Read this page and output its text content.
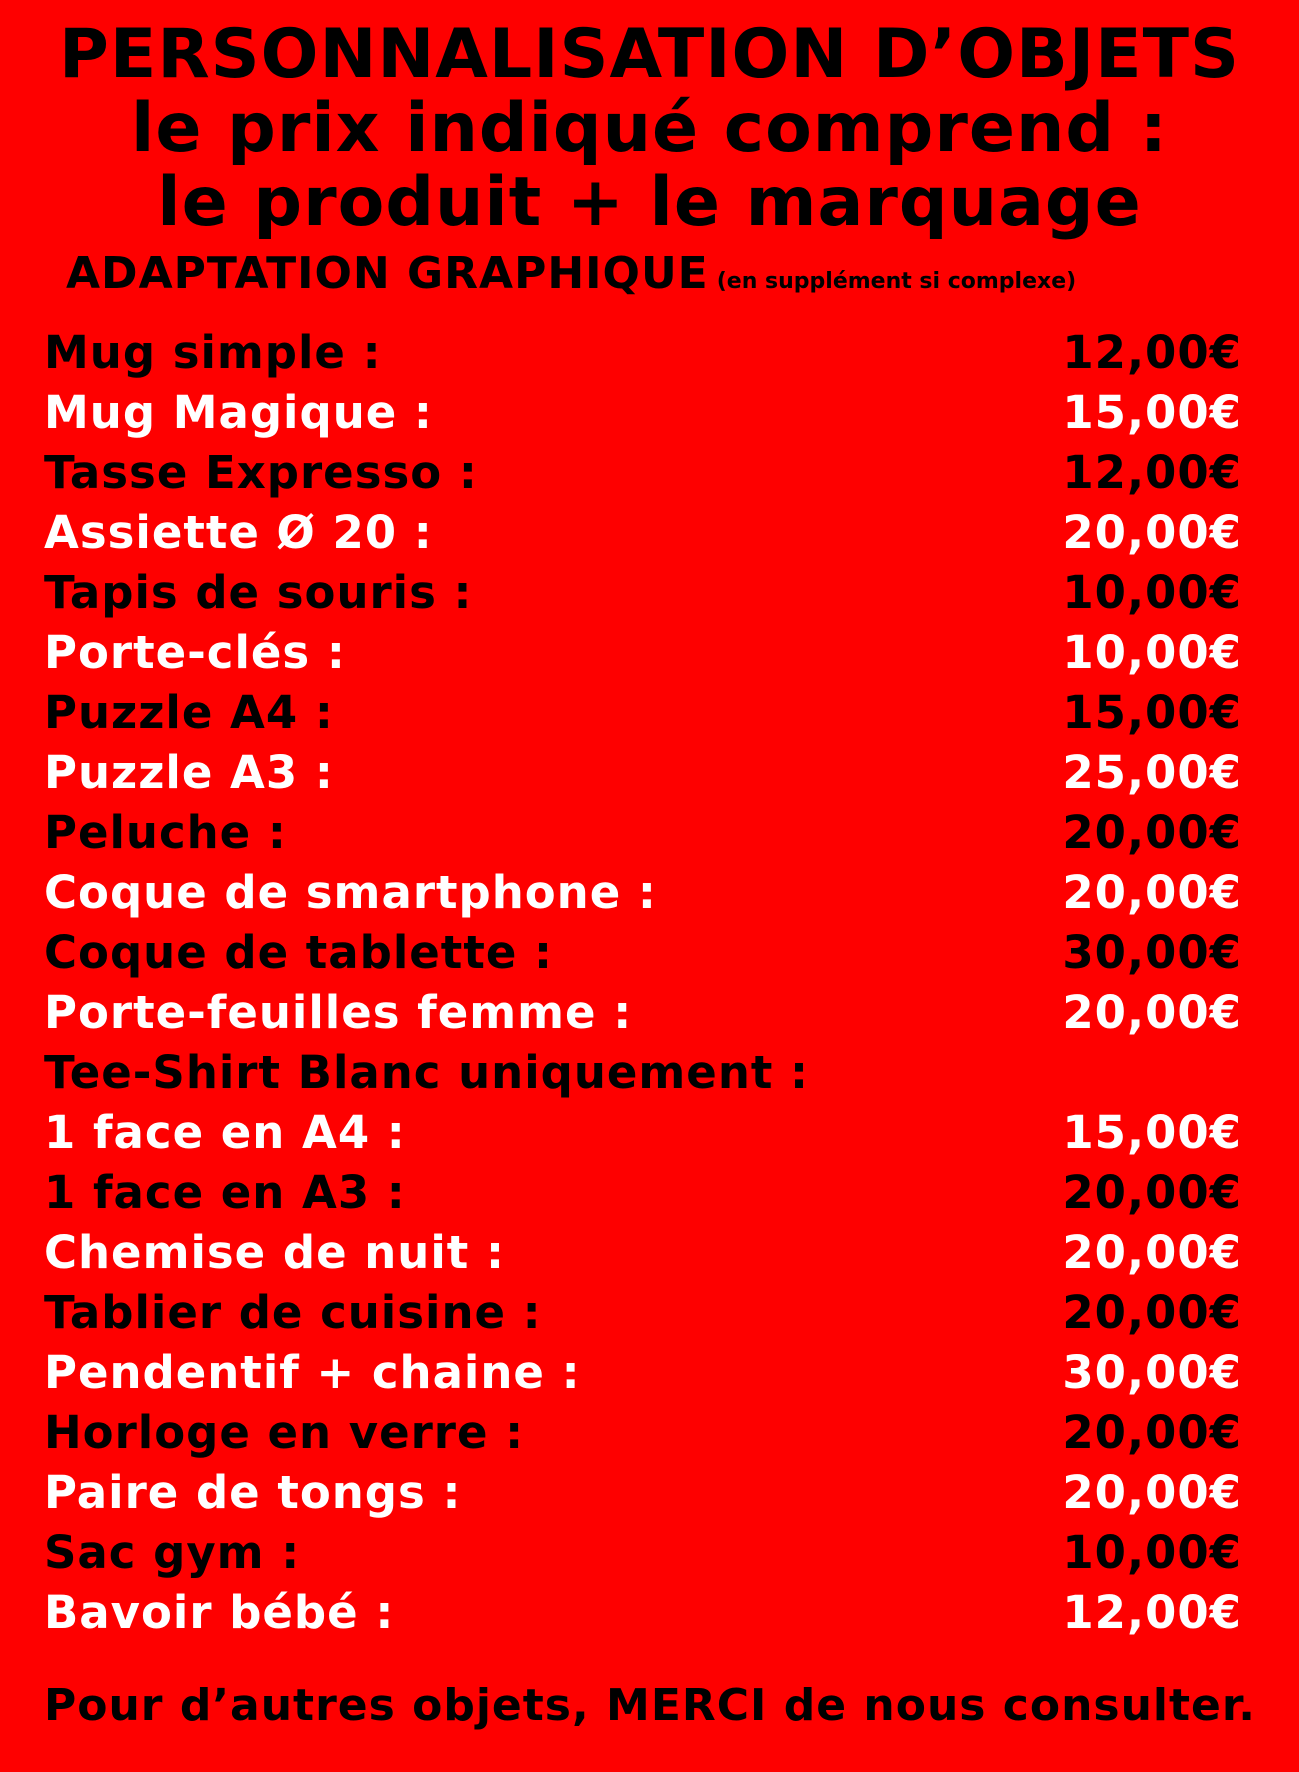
PERSONNALISATION D’OBJETS
le prix indiqué comprend :
le produit + le marquage
ADAPTATION GRAPHIQUE (en supplément si complexe)
Mug simple :	12,00€
Mug Magique :	15,00€
Tasse Expresso :	12,00€
Assiette Ø 20 :	20,00€
Tapis de souris :	10,00€
Porte-clés :	10,00€
Puzzle A4 :	15,00€
Puzzle A3 :	25,00€
Peluche :	20,00€
Coque de smartphone :	20,00€
Coque de tablette :	30,00€
Porte-feuilles femme :	20,00€
Tee-Shirt Blanc uniquement :
1 face en A4 :	15,00€
1 face en A3 :	20,00€
Chemise de nuit :	20,00€
Tablier de cuisine :	20,00€
Pendentif + chaine :	30,00€
Horloge en verre :	20,00€
Paire de tongs :	20,00€
Sac gym :	10,00€
Bavoir bébé :	12,00€
Pour d’autres objets, MERCI de nous consulter.
